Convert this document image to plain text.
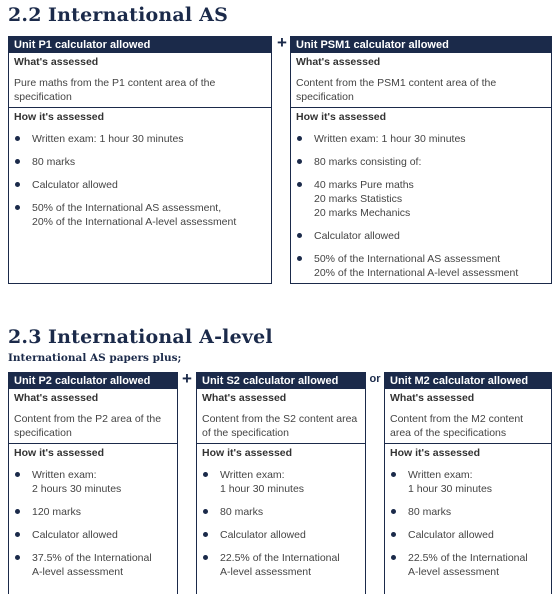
2.2 International AS
Unit P1 calculator allowed
What's assessed
Pure maths from the P1 content area of the specification
How it's assessed
Written exam: 1 hour 30 minutes
80 marks
Calculator allowed
50% of the International AS assessment,
20% of the International A-level assessment
+ Unit PSM1 calculator allowed
What's assessed
Content from the PSM1 content area of the specification
How it's assessed
Written exam: 1 hour 30 minutes
80 marks consisting of:
40 marks Pure maths
20 marks Statistics
20 marks Mechanics
Calculator allowed
50% of the International AS assessment
20% of the International A-level assessment
2.3 International A-level
International AS papers plus;
Unit P2 calculator allowed
What's assessed
Content from the P2 area of the specification
How it's assessed
Written exam:
2 hours 30 minutes
120 marks
Calculator allowed
37.5% of the International
A-level assessment
+ Unit S2 calculator allowed
What's assessed
Content from the S2 content area of the specification
How it's assessed
Written exam:
1 hour 30 minutes
80 marks
Calculator allowed
22.5% of the International
A-level assessment
or Unit M2 calculator allowed
What's assessed
Content from the M2 content area of the specifications
How it's assessed
Written exam:
1 hour 30 minutes
80 marks
Calculator allowed
22.5% of the International
A-level assessment
